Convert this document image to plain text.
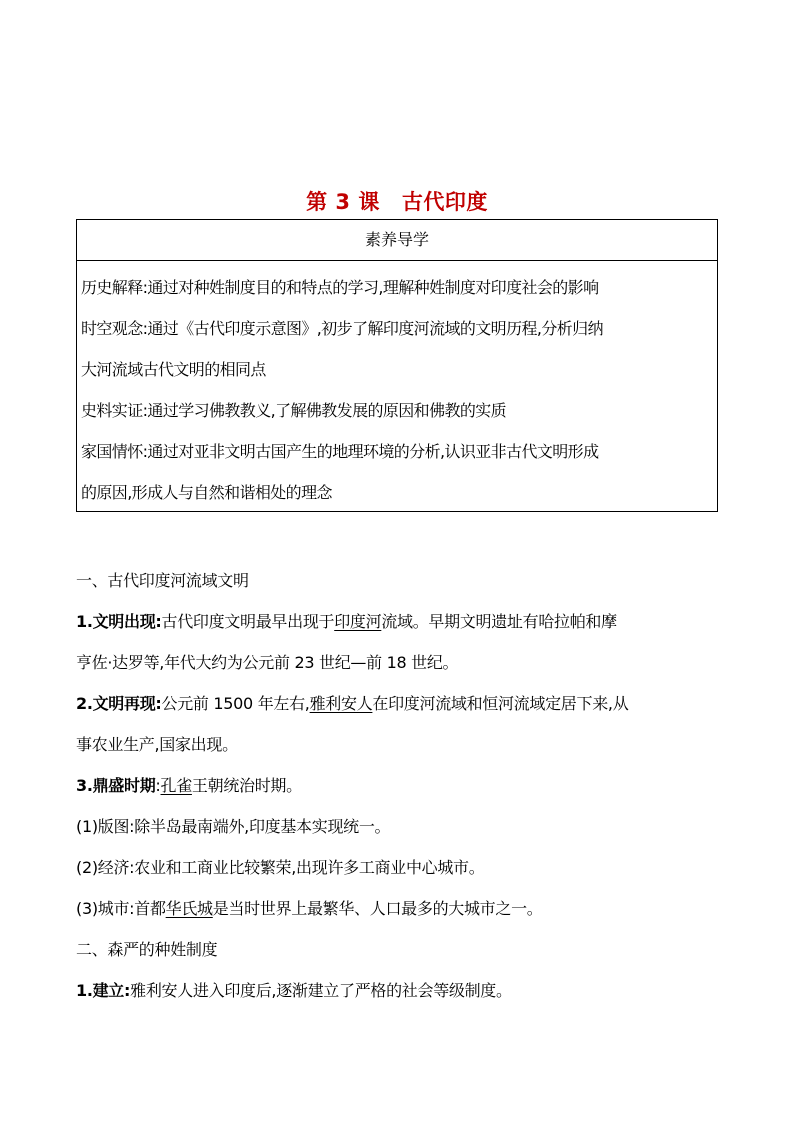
第 3 课 古代印度
素养导学
历史解释:通过对种姓制度目的和特点的学习,理解种姓制度对印度社会的影响
时空观念:通过《古代印度示意图》,初步了解印度河流域的文明历程,分析归纳
大河流域古代文明的相同点
史料实证:通过学习佛教教义,了解佛教发展的原因和佛教的实质
家国情怀:通过对亚非文明古国产生的地理环境的分析,认识亚非古代文明形成
的原因,形成人与自然和谐相处的理念
一、古代印度河流域文明
1.文明出现:古代印度文明最早出现于印度河流域。早期文明遗址有哈拉帕和摩
亨佐·达罗等,年代大约为公元前 23 世纪—前 18 世纪。
2.文明再现:公元前 1500 年左右,雅利安人在印度河流域和恒河流域定居下来,从
事农业生产,国家出现。
3.鼎盛时期:孔雀王朝统治时期。
(1)版图:除半岛最南端外,印度基本实现统一。
(2)经济:农业和工商业比较繁荣,出现许多工商业中心城市。
(3)城市:首都华氏城是当时世界上最繁华、人口最多的大城市之一。
二、森严的种姓制度
1.建立:雅利安人进入印度后,逐渐建立了严格的社会等级制度。
